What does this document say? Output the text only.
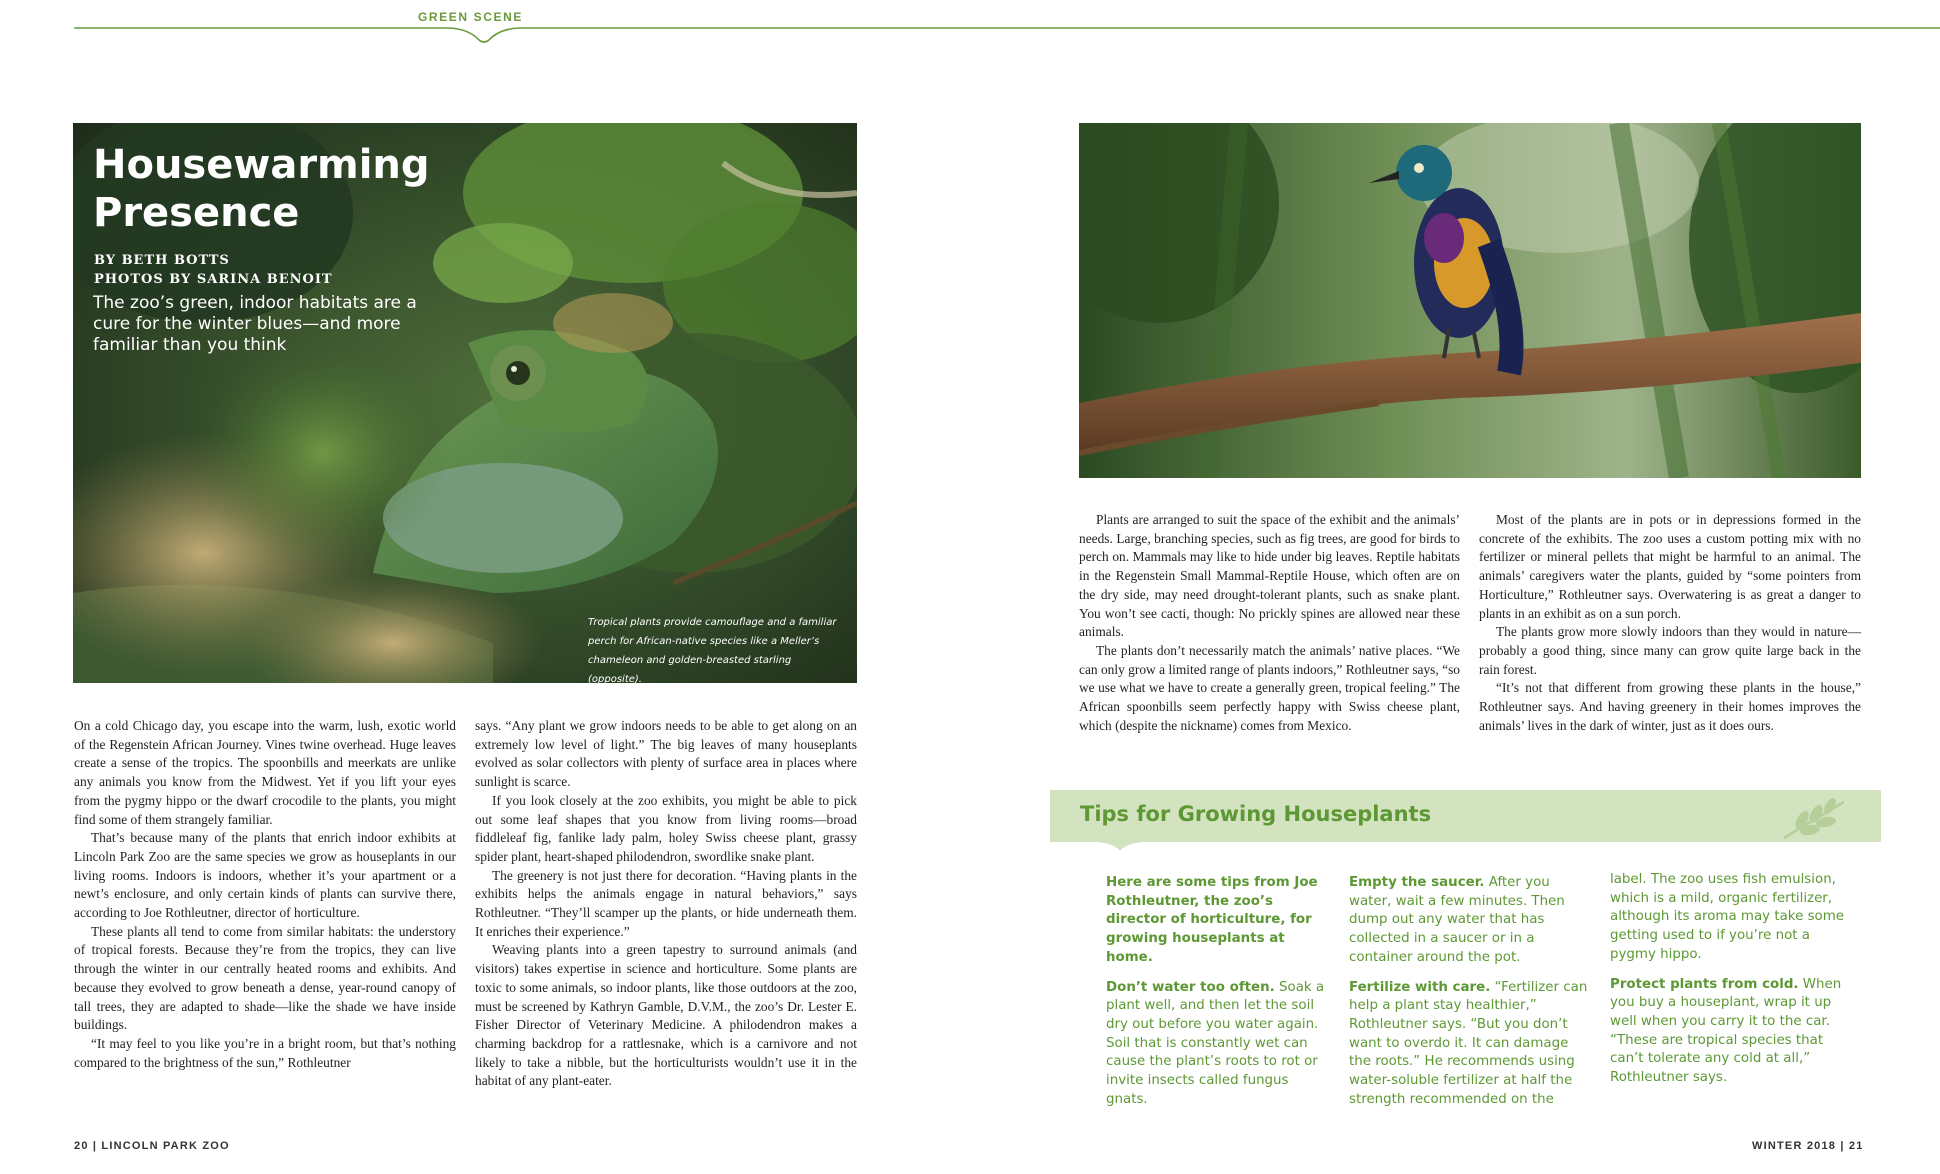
GREEN SCENE
Housewarming Presence
BY BETH BOTTS
PHOTOS BY SARINA BENOIT
The zoo’s green, indoor habitats are a cure for the winter blues—and more familiar than you think
Tropical plants provide camouflage and a familiar perch for African-native species like a Meller’s chameleon and golden-breasted starling (opposite).

On a cold Chicago day, you escape into the warm, lush, exotic world of the Regenstein African Journey. Vines twine overhead. Huge leaves create a sense of the tropics. The spoonbills and meerkats are unlike any animals you know from the Midwest. Yet if you lift your eyes from the pygmy hippo or the dwarf crocodile to the plants, you might find some of them strangely familiar.

That’s because many of the plants that enrich indoor exhibits at Lincoln Park Zoo are the same species we grow as houseplants in our living rooms. Indoors is indoors, whether it’s your apartment or a newt’s enclosure, and only certain kinds of plants can survive there, according to Joe Rothleutner, director of horticulture.

These plants all tend to come from similar habitats: the understory of tropical forests. Because they’re from the tropics, they can live through the winter in our centrally heated rooms and exhibits. And because they evolved to grow beneath a dense, year-round canopy of tall trees, they are adapted to shade—like the shade we have inside buildings.

“It may feel to you like you’re in a bright room, but that’s nothing compared to the brightness of the sun,” Rothleutner

says. “Any plant we grow indoors needs to be able to get along on an extremely low level of light.” The big leaves of many houseplants evolved as solar collectors with plenty of surface area in places where sunlight is scarce.

If you look closely at the zoo exhibits, you might be able to pick out some leaf shapes that you know from living rooms—broad fiddleleaf fig, fanlike lady palm, holey Swiss cheese plant, grassy spider plant, heart-shaped philodendron, swordlike snake plant.

The greenery is not just there for decoration. “Having plants in the exhibits helps the animals engage in natural behaviors,” says Rothleutner. “They’ll scamper up the plants, or hide underneath them. It enriches their experience.”

Weaving plants into a green tapestry to surround animals (and visitors) takes expertise in science and horticulture. Some plants are toxic to some animals, so indoor plants, like those outdoors at the zoo, must be screened by Kathryn Gamble, D.V.M., the zoo’s Dr. Lester E. Fisher Director of Veterinary Medicine. A philodendron makes a charming backdrop for a rattlesnake, which is a carnivore and not likely to take a nibble, but the horticulturists wouldn’t use it in the habitat of any plant-eater.

Plants are arranged to suit the space of the exhibit and the animals’ needs. Large, branching species, such as fig trees, are good for birds to perch on. Mammals may like to hide under big leaves. Reptile habitats in the Regenstein Small Mammal-Reptile House, which often are on the dry side, may need drought-tolerant plants, such as snake plant. You won’t see cacti, though: No prickly spines are allowed near these animals.

The plants don’t necessarily match the animals’ native places. “We can only grow a limited range of plants indoors,” Rothleutner says, “so we use what we have to create a generally green, tropical feeling.” The African spoonbills seem perfectly happy with Swiss cheese plant, which (despite the nickname) comes from Mexico.

Most of the plants are in pots or in depressions formed in the concrete of the exhibits. The zoo uses a custom potting mix with no fertilizer or mineral pellets that might be harmful to an animal. The animals’ caregivers water the plants, guided by “some pointers from Horticulture,” Rothleutner says. Overwatering is as great a danger to plants in an exhibit as on a sun porch.

The plants grow more slowly indoors than they would in nature—probably a good thing, since many can grow quite large back in the rain forest.

“It’s not that different from growing these plants in the house,” Rothleutner says. And having greenery in their homes improves the animals’ lives in the dark of winter, just as it does ours.

Tips for Growing Houseplants

Here are some tips from Joe Rothleutner, the zoo’s director of horticulture, for growing houseplants at home.

Don’t water too often. Soak a plant well, and then let the soil dry out before you water again. Soil that is constantly wet can cause the plant’s roots to rot or invite insects called fungus gnats.

Empty the saucer. After you water, wait a few minutes. Then dump out any water that has collected in a saucer or in a container around the pot.

Fertilize with care. “Fertilizer can help a plant stay healthier,” Rothleutner says. “But you don’t want to overdo it. It can damage the roots.” He recommends using water-soluble fertilizer at half the strength recommended on the

label. The zoo uses fish emulsion, which is a mild, organic fertilizer, although its aroma may take some getting used to if you’re not a pygmy hippo.

Protect plants from cold. When you buy a houseplant, wrap it up well when you carry it to the car. “These are tropical species that can’t tolerate any cold at all,” Rothleutner says.

20 | LINCOLN PARK ZOO	WINTER 2018 | 21
